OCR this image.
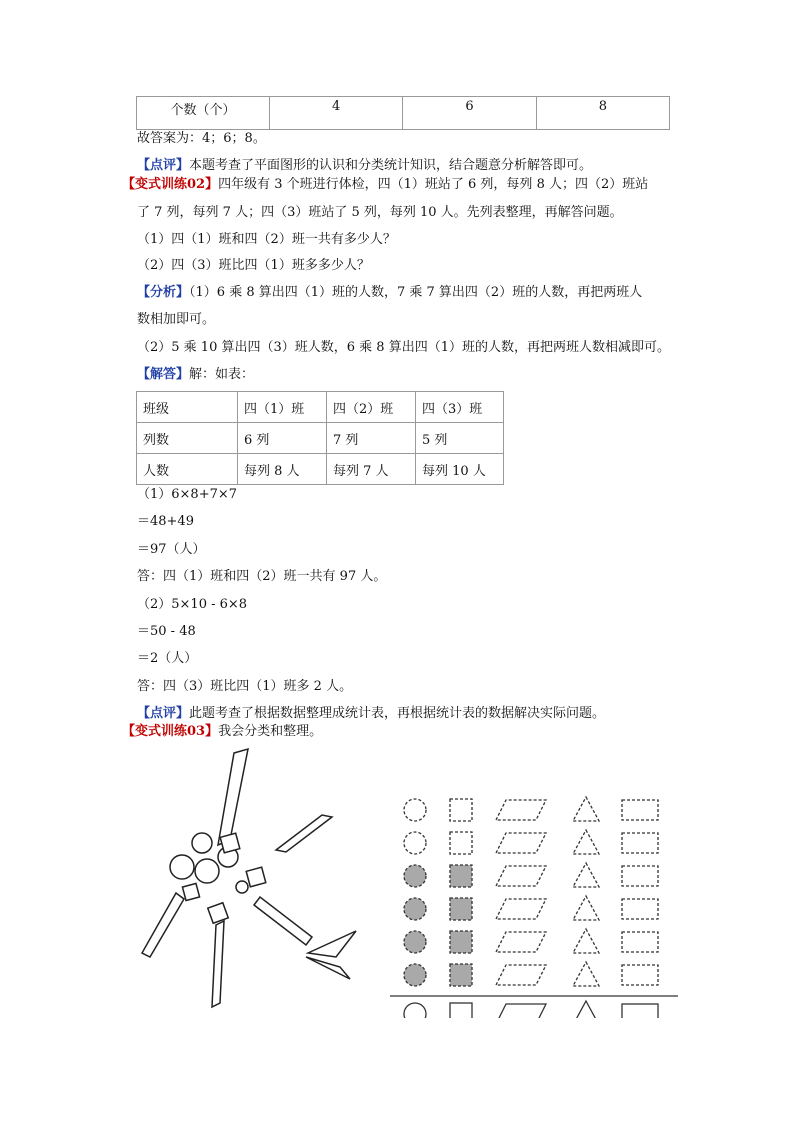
个数（个）	4	6	8
故答案为：4；6；8。
【点评】本题考查了平面图形的认识和分类统计知识，结合题意分析解答即可。
【变式训练02】四年级有 3 个班进行体检，四（1）班站了 6 列，每列 8 人；四（2）班站
了 7 列，每列 7 人；四（3）班站了 5 列，每列 10 人。先列表整理，再解答问题。
（1）四（1）班和四（2）班一共有多少人？
（2）四（3）班比四（1）班多多少人？
【分析】（1）6 乘 8 算出四（1）班的人数，7 乘 7 算出四（2）班的人数，再把两班人
数相加即可。
（2）5 乘 10 算出四（3）班人数，6 乘 8 算出四（1）班的人数，再把两班人数相减即可。
【解答】解：如表：
班级	四（1）班	四（2）班	四（3）班
列数	6 列	7 列	5 列
人数	每列 8 人	每列 7 人	每列 10 人
（1）6×8+7×7
＝48+49
＝97（人）
答：四（1）班和四（2）班一共有 97 人。
（2）5×10 - 6×8
＝50 - 48
＝2（人）
答：四（3）班比四（1）班多 2 人。
【点评】此题考查了根据数据整理成统计表，再根据统计表的数据解决实际问题。
【变式训练03】我会分类和整理。
